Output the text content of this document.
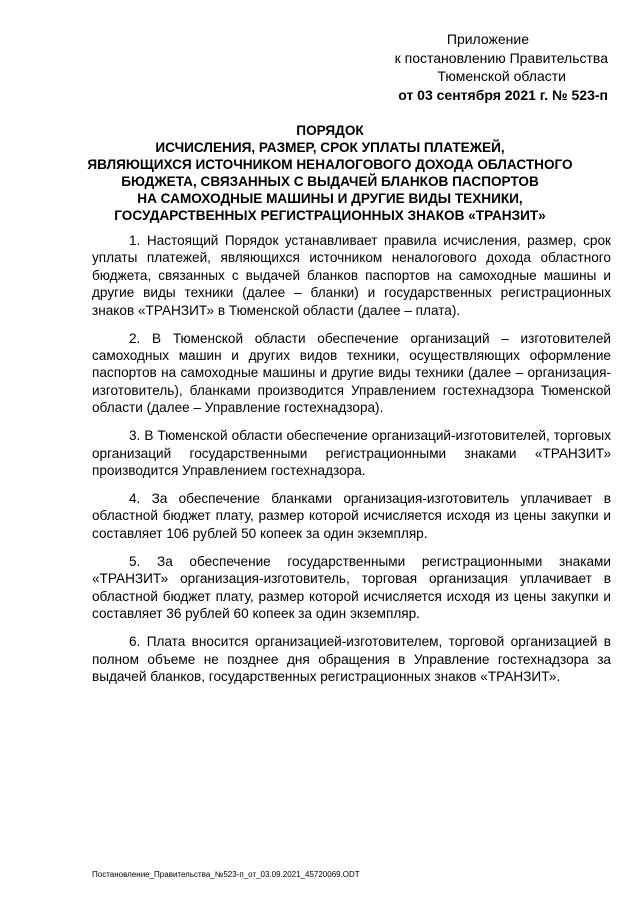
Приложение
к постановлению Правительства
Тюменской области
от 03 сентября 2021 г. № 523-п
ПОРЯДОК
ИСЧИСЛЕНИЯ, РАЗМЕР, СРОК УПЛАТЫ ПЛАТЕЖЕЙ,
ЯВЛЯЮЩИХСЯ ИСТОЧНИКОМ НЕНАЛОГОВОГО ДОХОДА ОБЛАСТНОГО
БЮДЖЕТА, СВЯЗАННЫХ С ВЫДАЧЕЙ БЛАНКОВ ПАСПОРТОВ
НА САМОХОДНЫЕ МАШИНЫ И ДРУГИЕ ВИДЫ ТЕХНИКИ,
ГОСУДАРСТВЕННЫХ РЕГИСТРАЦИОННЫХ ЗНАКОВ «ТРАНЗИТ»

1. Настоящий Порядок устанавливает правила исчисления, размер, срок уплаты платежей, являющихся источником неналогового дохода областного бюджета, связанных с выдачей бланков паспортов на самоходные машины и другие виды техники (далее – бланки) и государственных регистрационных знаков «ТРАНЗИТ» в Тюменской области (далее – плата).

2. В Тюменской области обеспечение организаций – изготовителей самоходных машин и других видов техники, осуществляющих оформление паспортов на самоходные машины и другие виды техники (далее – организация-изготовитель), бланками производится Управлением гостехнадзора Тюменской области (далее – Управление гостехнадзора).

3. В Тюменской области обеспечение организаций-изготовителей, торговых организаций государственными регистрационными знаками «ТРАНЗИТ» производится Управлением гостехнадзора.

4. За обеспечение бланками организация-изготовитель уплачивает в областной бюджет плату, размер которой исчисляется исходя из цены закупки и составляет 106 рублей 50 копеек за один экземпляр.

5. За обеспечение государственными регистрационными знаками «ТРАНЗИТ» организация-изготовитель, торговая организация уплачивает в областной бюджет плату, размер которой исчисляется исходя из цены закупки и составляет 36 рублей 60 копеек за один экземпляр.

6. Плата вносится организацией-изготовителем, торговой организацией в полном объеме не позднее дня обращения в Управление гостехнадзора за выдачей бланков, государственных регистрационных знаков «ТРАНЗИТ».

Постановление_Правительства_№523-п_от_03.09.2021_45720069.ODT
